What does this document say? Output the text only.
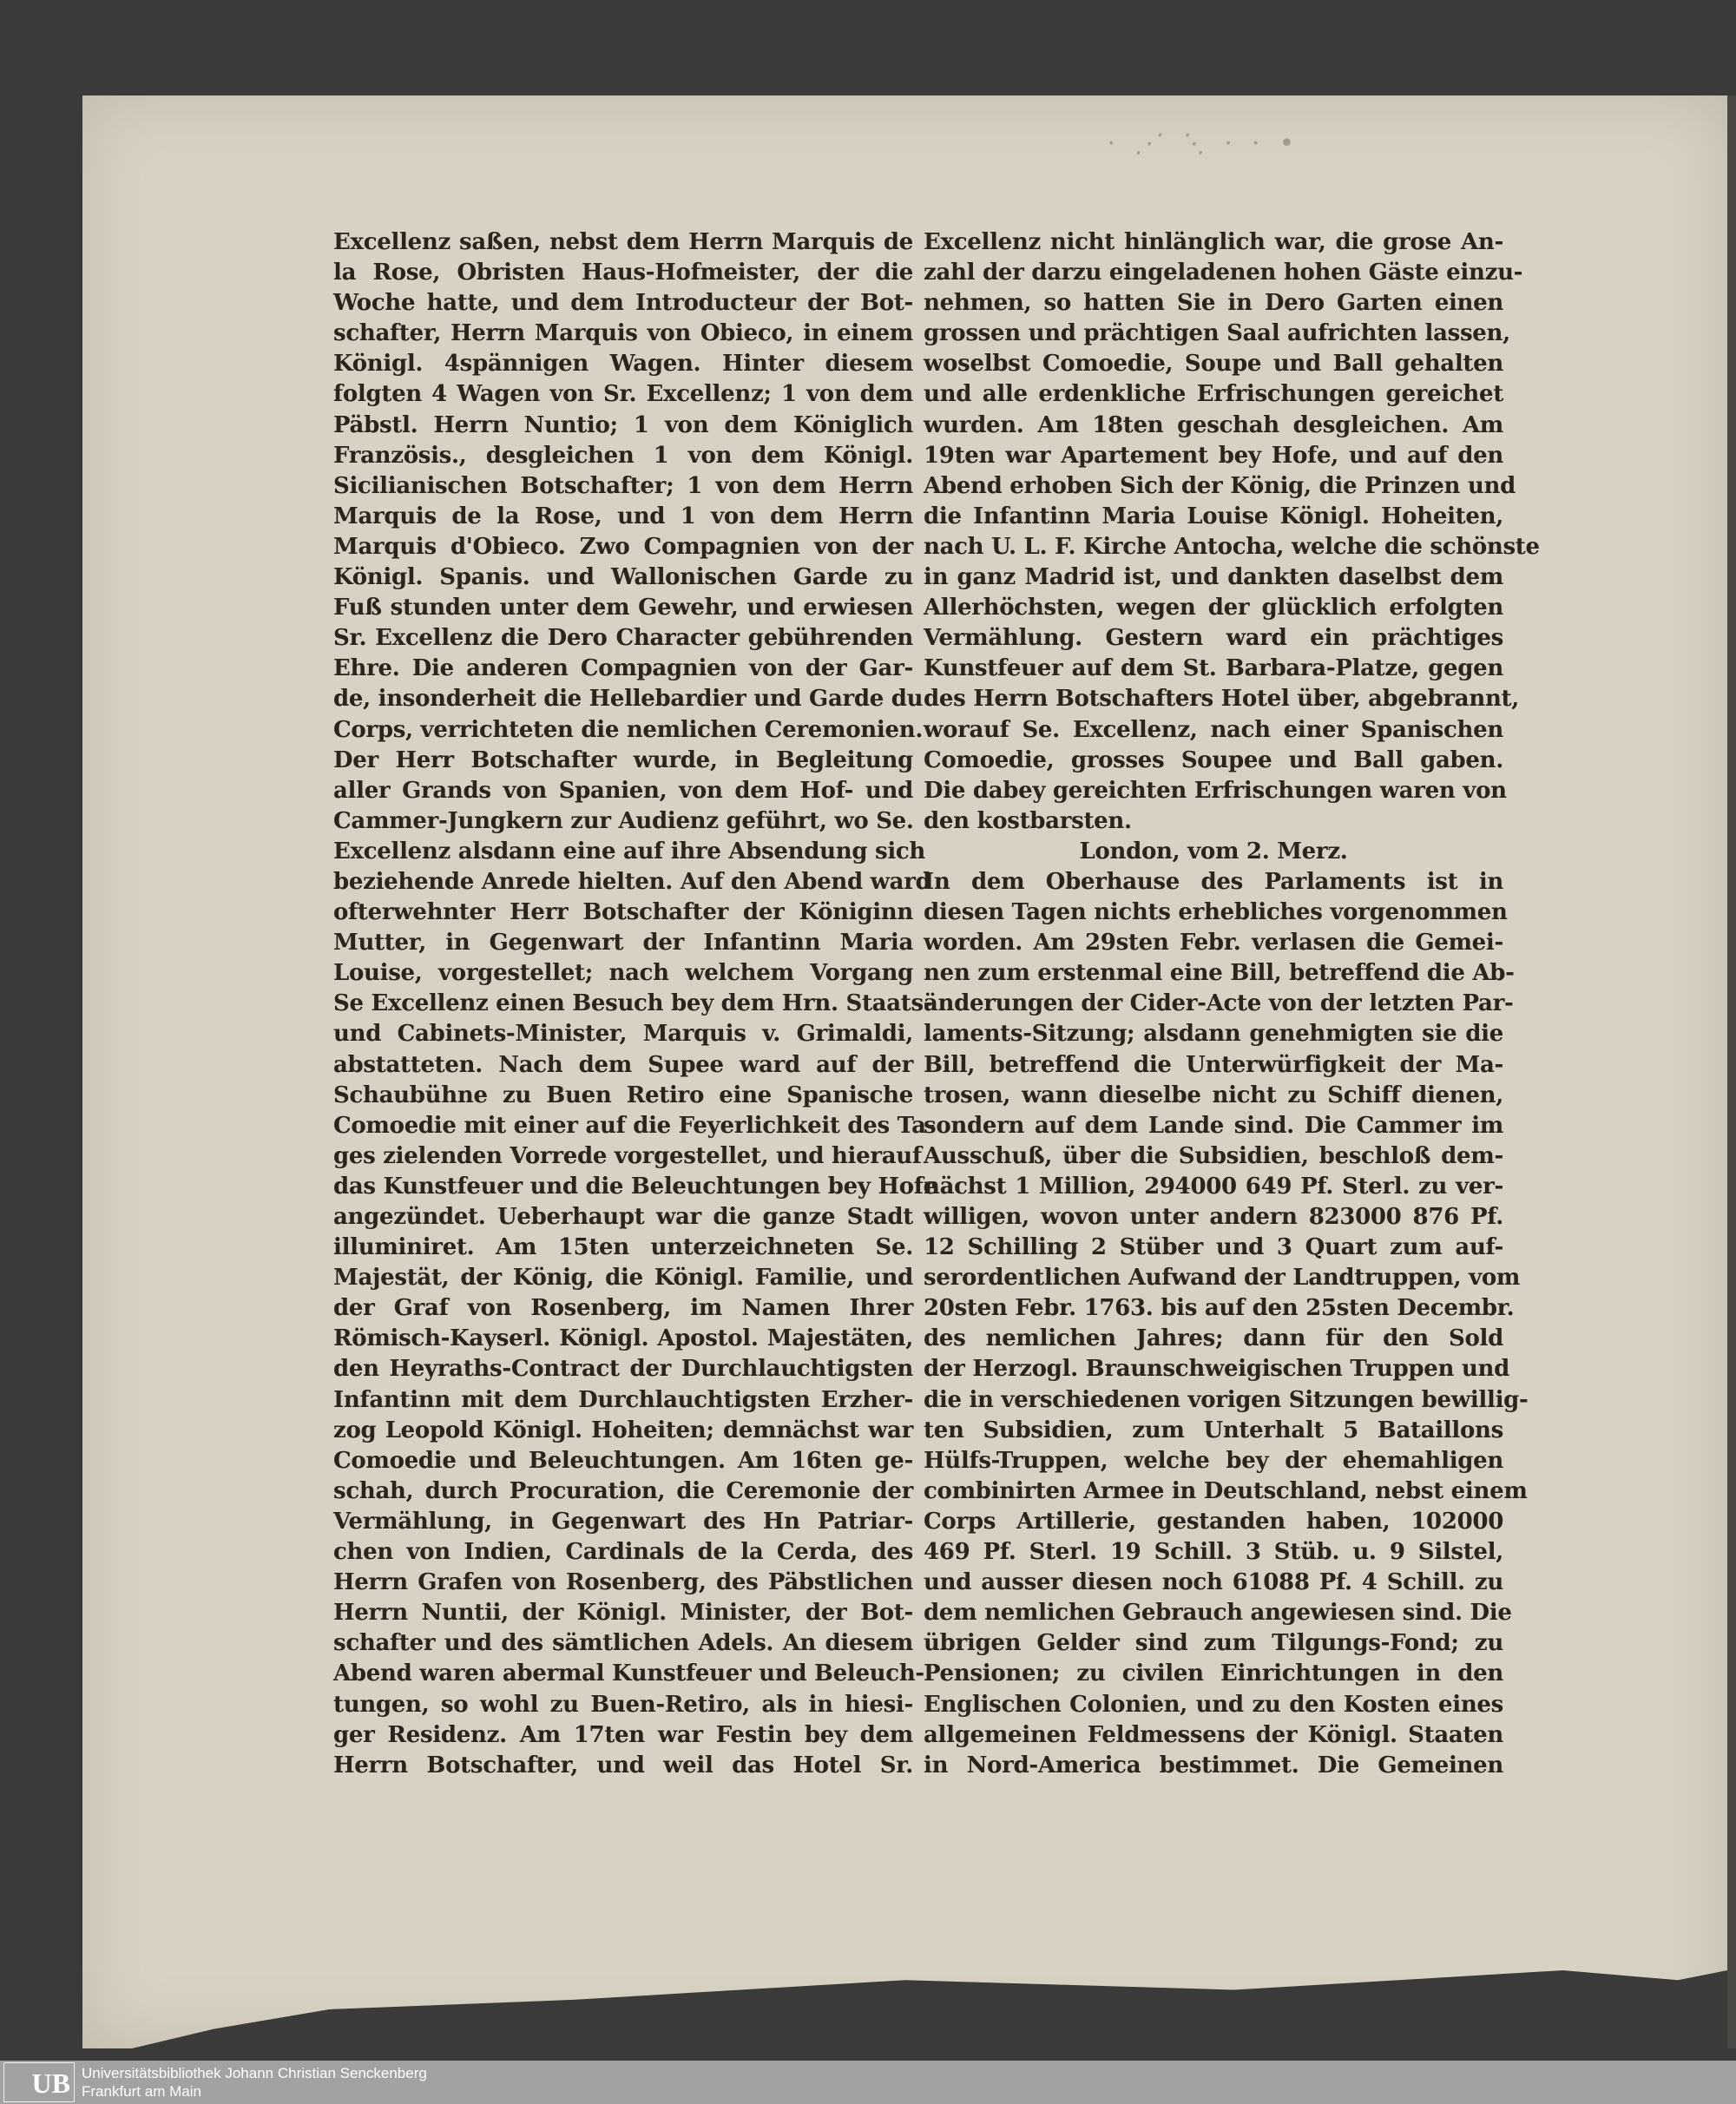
⋅ ⋰ ⋱ ⋅ ⋅ •
Excellenz saßen, nebst dem Herrn Marquis de
la Rose, Obristen Haus-Hofmeister, der die
Woche hatte, und dem Introducteur der Bot-
schafter, Herrn Marquis von Obieco, in einem
Königl. 4spännigen Wagen. Hinter diesem
folgten 4 Wagen von Sr. Excellenz; 1 von dem
Päbstl. Herrn Nuntio; 1 von dem Königlich
Französis., desgleichen 1 von dem Königl.
Sicilianischen Botschafter; 1 von dem Herrn
Marquis de la Rose, und 1 von dem Herrn
Marquis d'Obieco. Zwo Compagnien von der
Königl. Spanis. und Wallonischen Garde zu
Fuß stunden unter dem Gewehr, und erwiesen
Sr. Excellenz die Dero Character gebührenden
Ehre. Die anderen Compagnien von der Gar-
de, insonderheit die Hellebardier und Garde du
Corps, verrichteten die nemlichen Ceremonien.
Der Herr Botschafter wurde, in Begleitung
aller Grands von Spanien, von dem Hof- und
Cammer-Jungkern zur Audienz geführt, wo Se.
Excellenz alsdann eine auf ihre Absendung sich
beziehende Anrede hielten. Auf den Abend ward
ofterwehnter Herr Botschafter der Königinn
Mutter, in Gegenwart der Infantinn Maria
Louise, vorgestellet; nach welchem Vorgang
Se Excellenz einen Besuch bey dem Hrn. Staats-
und Cabinets-Minister, Marquis v. Grimaldi,
abstatteten. Nach dem Supee ward auf der
Schaubühne zu Buen Retiro eine Spanische
Comoedie mit einer auf die Feyerlichkeit des Ta-
ges zielenden Vorrede vorgestellet, und hierauf
das Kunstfeuer und die Beleuchtungen bey Hofe
angezündet. Ueberhaupt war die ganze Stadt
illuminiret. Am 15ten unterzeichneten Se.
Majestät, der König, die Königl. Familie, und
der Graf von Rosenberg, im Namen Ihrer
Römisch-Kayserl. Königl. Apostol. Majestäten,
den Heyraths-Contract der Durchlauchtigsten
Infantinn mit dem Durchlauchtigsten Erzher-
zog Leopold Königl. Hoheiten; demnächst war
Comoedie und Beleuchtungen. Am 16ten ge-
schah, durch Procuration, die Ceremonie der
Vermählung, in Gegenwart des Hn Patriar-
chen von Indien, Cardinals de la Cerda, des
Herrn Grafen von Rosenberg, des Päbstlichen
Herrn Nuntii, der Königl. Minister, der Bot-
schafter und des sämtlichen Adels. An diesem
Abend waren abermal Kunstfeuer und Beleuch-
tungen, so wohl zu Buen-Retiro, als in hiesi-
ger Residenz. Am 17ten war Festin bey dem
Herrn Botschafter, und weil das Hotel Sr.
Excellenz nicht hinlänglich war, die grose An-
zahl der darzu eingeladenen hohen Gäste einzu-
nehmen, so hatten Sie in Dero Garten einen
grossen und prächtigen Saal aufrichten lassen,
woselbst Comoedie, Soupe und Ball gehalten
und alle erdenkliche Erfrischungen gereichet
wurden. Am 18ten geschah desgleichen. Am
19ten war Apartement bey Hofe, und auf den
Abend erhoben Sich der König, die Prinzen und
die Infantinn Maria Louise Königl. Hoheiten,
nach U. L. F. Kirche Antocha, welche die schönste
in ganz Madrid ist, und dankten daselbst dem
Allerhöchsten, wegen der glücklich erfolgten
Vermählung. Gestern ward ein prächtiges
Kunstfeuer auf dem St. Barbara-Platze, gegen
des Herrn Botschafters Hotel über, abgebrannt,
worauf Se. Excellenz, nach einer Spanischen
Comoedie, grosses Soupee und Ball gaben.
Die dabey gereichten Erfrischungen waren von
den kostbarsten.
London, vom 2. Merz.
In dem Oberhause des Parlaments ist in
diesen Tagen nichts erhebliches vorgenommen
worden. Am 29sten Febr. verlasen die Gemei-
nen zum erstenmal eine Bill, betreffend die Ab-
änderungen der Cider-Acte von der letzten Par-
laments-Sitzung; alsdann genehmigten sie die
Bill, betreffend die Unterwürfigkeit der Ma-
trosen, wann dieselbe nicht zu Schiff dienen,
sondern auf dem Lande sind. Die Cammer im
Ausschuß, über die Subsidien, beschloß dem-
nächst 1 Million, 294000 649 Pf. Sterl. zu ver-
willigen, wovon unter andern 823000 876 Pf.
12 Schilling 2 Stüber und 3 Quart zum auf-
serordentlichen Aufwand der Landtruppen, vom
20sten Febr. 1763. bis auf den 25sten Decembr.
des nemlichen Jahres; dann für den Sold
der Herzogl. Braunschweigischen Truppen und
die in verschiedenen vorigen Sitzungen bewillig-
ten Subsidien, zum Unterhalt 5 Bataillons
Hülfs-Truppen, welche bey der ehemahligen
combinirten Armee in Deutschland, nebst einem
Corps Artillerie, gestanden haben, 102000
469 Pf. Sterl. 19 Schill. 3 Stüb. u. 9 Silstel,
und ausser diesen noch 61088 Pf. 4 Schill. zu
dem nemlichen Gebrauch angewiesen sind. Die
übrigen Gelder sind zum Tilgungs-Fond; zu
Pensionen; zu civilen Einrichtungen in den
Englischen Colonien, und zu den Kosten eines
allgemeinen Feldmessens der Königl. Staaten
in Nord-America bestimmet. Die Gemeinen
UB Universitätsbibliothek Johann Christian Senckenberg
Frankfurt am Main
